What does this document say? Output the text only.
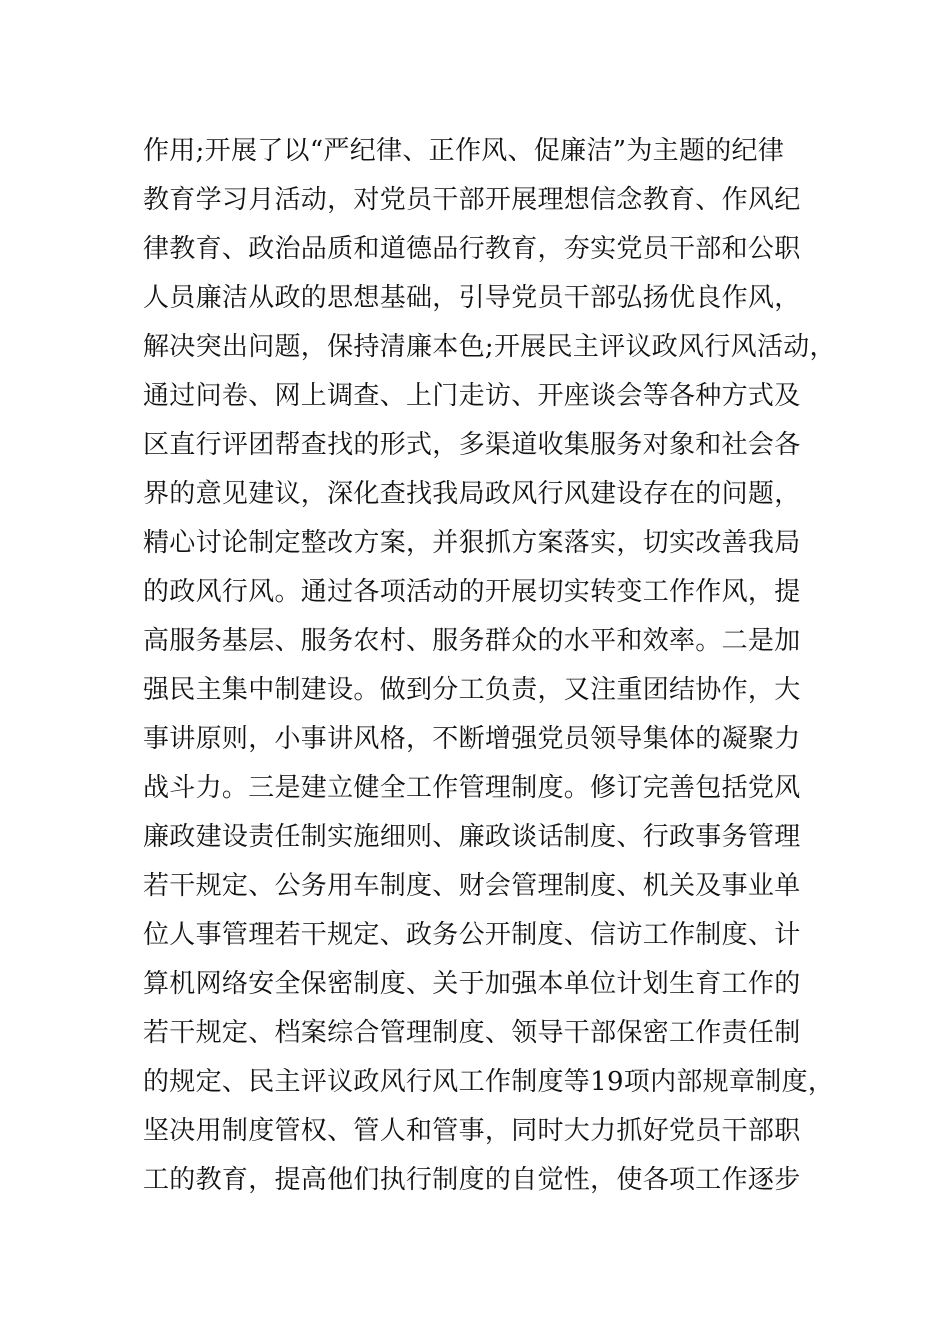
作用;开展了以“严纪律、正作风、促廉洁”为主题的纪律
教育学习月活动，对党员干部开展理想信念教育、作风纪
律教育、政治品质和道德品行教育，夯实党员干部和公职
人员廉洁从政的思想基础，引导党员干部弘扬优良作风，
解决突出问题，保持清廉本色;开展民主评议政风行风活动，
通过问卷、网上调查、上门走访、开座谈会等各种方式及
区直行评团帮查找的形式，多渠道收集服务对象和社会各
界的意见建议，深化查找我局政风行风建设存在的问题，
精心讨论制定整改方案，并狠抓方案落实，切实改善我局
的政风行风。通过各项活动的开展切实转变工作作风，提
高服务基层、服务农村、服务群众的水平和效率。二是加
强民主集中制建设。做到分工负责，又注重团结协作，大
事讲原则，小事讲风格，不断增强党员领导集体的凝聚力
战斗力。三是建立健全工作管理制度。修订完善包括党风
廉政建设责任制实施细则、廉政谈话制度、行政事务管理
若干规定、公务用车制度、财会管理制度、机关及事业单
位人事管理若干规定、政务公开制度、信访工作制度、计
算机网络安全保密制度、关于加强本单位计划生育工作的
若干规定、档案综合管理制度、领导干部保密工作责任制
的规定、民主评议政风行风工作制度等19项内部规章制度，
坚决用制度管权、管人和管事，同时大力抓好党员干部职
工的教育，提高他们执行制度的自觉性，使各项工作逐步
